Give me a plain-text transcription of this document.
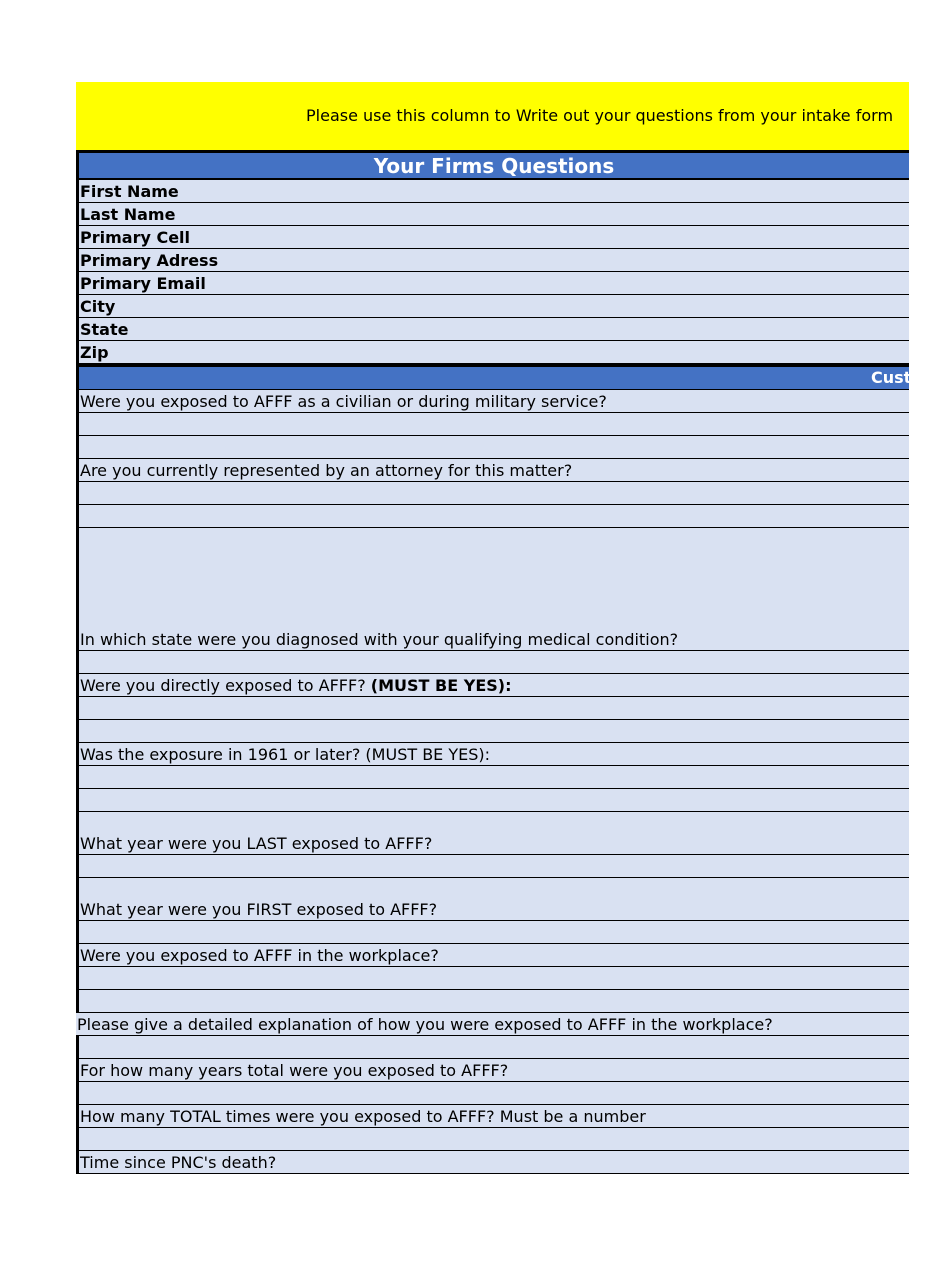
Please use this column to Write out your questions from your intake form
Your Firms Questions
First Name
Last Name
Primary Cell
Primary Adress
Primary Email
City
State
Zip
Custom
Were you exposed to AFFF as a civilian or during military service?
Are you currently represented by an attorney for this matter?
In which state were you diagnosed with your qualifying medical condition?
Were you directly exposed to AFFF? (MUST BE YES):
Was the exposure in 1961 or later? (MUST BE YES):
What year were you LAST exposed to AFFF?
What year were you FIRST exposed to AFFF?
Were you exposed to AFFF in the workplace?
Please give a detailed explanation of how you were exposed to AFFF in the workplace?
For how many years total were you exposed to AFFF?
How many TOTAL times were you exposed to AFFF? Must be a number
Time since PNC's death?
